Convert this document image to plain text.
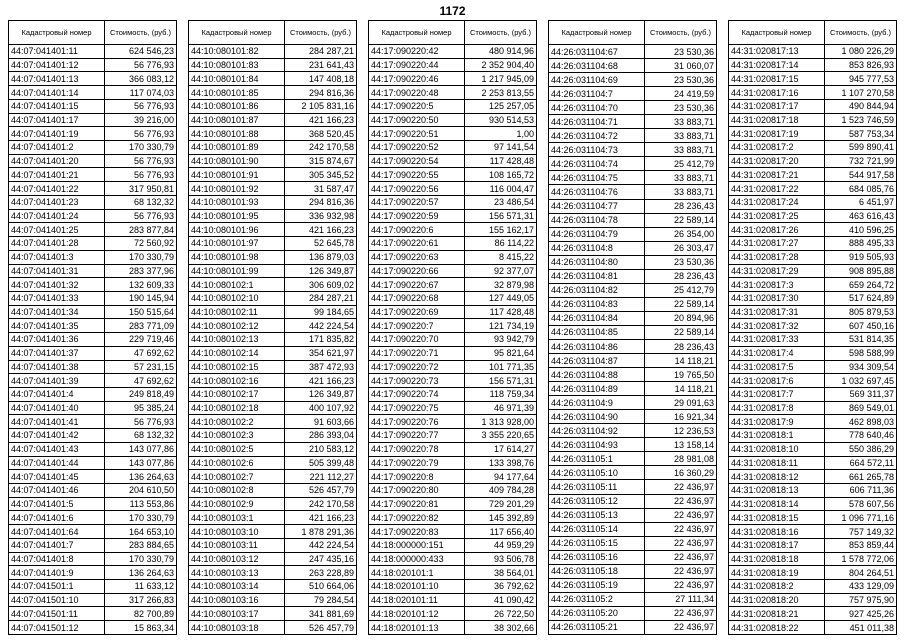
1172
Кадастровый номер	Стоимость, (руб.)
44:07:041401:11	624 546,23
44:07:041401:12	56 776,93
44:07:041401:13	366 083,12
44:07:041401:14	117 074,03
44:07:041401:15	56 776,93
44:07:041401:17	39 216,00
44:07:041401:19	56 776,93
44:07:041401:2	170 330,79
44:07:041401:20	56 776,93
44:07:041401:21	56 776,93
44:07:041401:22	317 950,81
44:07:041401:23	68 132,32
44:07:041401:24	56 776,93
44:07:041401:25	283 877,84
44:07:041401:28	72 560,92
44:07:041401:3	170 330,79
44:07:041401:31	283 377,96
44:07:041401:32	132 609,33
44:07:041401:33	190 145,94
44:07:041401:34	150 515,64
44:07:041401:35	283 771,09
44:07:041401:36	229 719,46
44:07:041401:37	47 692,62
44:07:041401:38	57 231,15
44:07:041401:39	47 692,62
44:07:041401:4	249 818,49
44:07:041401:40	95 385,24
44:07:041401:41	56 776,93
44:07:041401:42	68 132,32
44:07:041401:43	143 077,86
44:07:041401:44	143 077,86
44:07:041401:45	136 264,63
44:07:041401:46	204 610,50
44:07:041401:5	113 553,86
44:07:041401:6	170 330,79
44:07:041401:64	164 653,10
44:07:041401:7	283 884,65
44:07:041401:8	170 330,79
44:07:041401:9	136 264,63
44:07:041501:1	11 633,12
44:07:041501:10	317 266,83
44:07:041501:11	82 700,89
44:07:041501:12	15 863,34
Кадастровый номер	Стоимость, (руб.)
44:10:080101:82	284 287,21
44:10:080101:83	231 641,43
44:10:080101:84	147 408,18
44:10:080101:85	294 816,36
44:10:080101:86	2 105 831,16
44:10:080101:87	421 166,23
44:10:080101:88	368 520,45
44:10:080101:89	242 170,58
44:10:080101:90	315 874,67
44:10:080101:91	305 345,52
44:10:080101:92	31 587,47
44:10:080101:93	294 816,36
44:10:080101:95	336 932,98
44:10:080101:96	421 166,23
44:10:080101:97	52 645,78
44:10:080101:98	136 879,03
44:10:080101:99	126 349,87
44:10:080102:1	306 609,02
44:10:080102:10	284 287,21
44:10:080102:11	99 184,65
44:10:080102:12	442 224,54
44:10:080102:13	171 835,82
44:10:080102:14	354 621,97
44:10:080102:15	387 472,93
44:10:080102:16	421 166,23
44:10:080102:17	126 349,87
44:10:080102:18	400 107,92
44:10:080102:2	91 603,66
44:10:080102:3	286 393,04
44:10:080102:5	210 583,12
44:10:080102:6	505 399,48
44:10:080102:7	221 112,27
44:10:080102:8	526 457,79
44:10:080102:9	242 170,58
44:10:080103:1	421 166,23
44:10:080103:10	1 878 291,36
44:10:080103:11	442 224,54
44:10:080103:12	247 435,16
44:10:080103:13	263 228,89
44:10:080103:14	510 664,06
44:10:080103:16	79 284,54
44:10:080103:17	341 881,69
44:10:080103:18	526 457,79
Кадастровый номер	Стоимость, (руб.)
44:17:090220:42	480 914,96
44:17:090220:44	2 352 904,40
44:17:090220:46	1 217 945,09
44:17:090220:48	2 253 813,55
44:17:090220:5	125 257,05
44:17:090220:50	930 514,53
44:17:090220:51	1,00
44:17:090220:52	97 141,54
44:17:090220:54	117 428,48
44:17:090220:55	108 165,72
44:17:090220:56	116 004,47
44:17:090220:57	23 486,54
44:17:090220:59	156 571,31
44:17:090220:6	155 162,17
44:17:090220:61	86 114,22
44:17:090220:63	8 415,22
44:17:090220:66	92 377,07
44:17:090220:67	32 879,98
44:17:090220:68	127 449,05
44:17:090220:69	117 428,48
44:17:090220:7	121 734,19
44:17:090220:70	93 942,79
44:17:090220:71	95 821,64
44:17:090220:72	101 771,35
44:17:090220:73	156 571,31
44:17:090220:74	118 759,34
44:17:090220:75	46 971,39
44:17:090220:76	1 313 928,00
44:17:090220:77	3 355 220,65
44:17:090220:78	17 614,27
44:17:090220:79	133 398,76
44:17:090220:8	94 177,64
44:17:090220:80	409 784,28
44:17:090220:81	729 201,29
44:17:090220:82	145 392,89
44:17:090220:83	117 656,40
44:18:000000:151	44 959,29
44:18:000000:433	93 506,78
44:18:020101:1	38 564,01
44:18:020101:10	36 792,62
44:18:020101:11	41 090,42
44:18:020101:12	26 722,50
44:18:020101:13	38 302,66
Кадастровый номер	Стоимость, (руб.)
44:26:031104:67	23 530,36
44:26:031104:68	31 060,07
44:26:031104:69	23 530,36
44:26:031104:7	24 419,59
44:26:031104:70	23 530,36
44:26:031104:71	33 883,71
44:26:031104:72	33 883,71
44:26:031104:73	33 883,71
44:26:031104:74	25 412,79
44:26:031104:75	33 883,71
44:26:031104:76	33 883,71
44:26:031104:77	28 236,43
44:26:031104:78	22 589,14
44:26:031104:79	26 354,00
44:26:031104:8	26 303,47
44:26:031104:80	23 530,36
44:26:031104:81	28 236,43
44:26:031104:82	25 412,79
44:26:031104:83	22 589,14
44:26:031104:84	20 894,96
44:26:031104:85	22 589,14
44:26:031104:86	28 236,43
44:26:031104:87	14 118,21
44:26:031104:88	19 765,50
44:26:031104:89	14 118,21
44:26:031104:9	29 091,63
44:26:031104:90	16 921,34
44:26:031104:92	12 236,53
44:26:031104:93	13 158,14
44:26:031105:1	28 981,08
44:26:031105:10	16 360,29
44:26:031105:11	22 436,97
44:26:031105:12	22 436,97
44:26:031105:13	22 436,97
44:26:031105:14	22 436,97
44:26:031105:15	22 436,97
44:26:031105:16	22 436,97
44:26:031105:18	22 436,97
44:26:031105:19	22 436,97
44:26:031105:2	27 111,34
44:26:031105:20	22 436,97
44:26:031105:21	22 436,97
Кадастровый номер	Стоимость, (руб.)
44:31:020817:13	1 080 226,29
44:31:020817:14	853 826,93
44:31:020817:15	945 777,53
44:31:020817:16	1 107 270,58
44:31:020817:17	490 844,94
44:31:020817:18	1 523 746,59
44:31:020817:19	587 753,34
44:31:020817:2	599 890,41
44:31:020817:20	732 721,99
44:31:020817:21	544 917,58
44:31:020817:22	684 085,76
44:31:020817:24	6 451,97
44:31:020817:25	463 616,43
44:31:020817:26	410 596,25
44:31:020817:27	888 495,33
44:31:020817:28	919 505,93
44:31:020817:29	908 895,88
44:31:020817:3	659 264,72
44:31:020817:30	517 624,89
44:31:020817:31	805 879,53
44:31:020817:32	607 450,16
44:31:020817:33	531 814,35
44:31:020817:4	598 588,99
44:31:020817:5	934 309,54
44:31:020817:6	1 032 697,45
44:31:020817:7	569 311,37
44:31:020817:8	869 549,01
44:31:020817:9	462 898,03
44:31:020818:1	778 640,46
44:31:020818:10	550 386,29
44:31:020818:11	664 572,11
44:31:020818:12	661 265,78
44:31:020818:13	606 711,36
44:31:020818:14	578 607,56
44:31:020818:15	1 096 771,16
44:31:020818:16	757 149,32
44:31:020818:17	853 859,44
44:31:020818:18	1 578 772,06
44:31:020818:19	804 264,51
44:31:020818:2	433 129,09
44:31:020818:20	757 975,90
44:31:020818:21	927 425,26
44:31:020818:22	451 011,38
